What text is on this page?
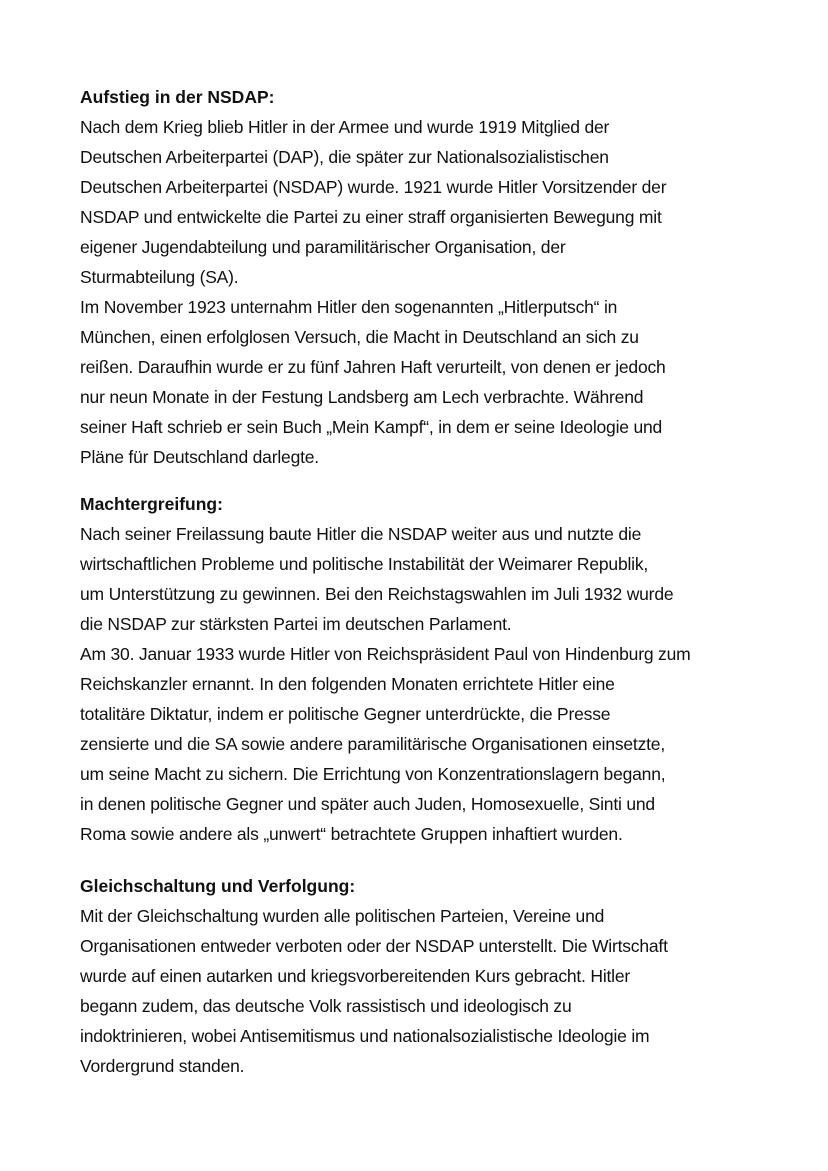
Aufstieg in der NSDAP:
Nach dem Krieg blieb Hitler in der Armee und wurde 1919 Mitglied der
Deutschen Arbeiterpartei (DAP), die später zur Nationalsozialistischen
Deutschen Arbeiterpartei (NSDAP) wurde. 1921 wurde Hitler Vorsitzender der
NSDAP und entwickelte die Partei zu einer straff organisierten Bewegung mit
eigener Jugendabteilung und paramilitärischer Organisation, der
Sturmabteilung (SA).
Im November 1923 unternahm Hitler den sogenannten „Hitlerputsch“ in
München, einen erfolglosen Versuch, die Macht in Deutschland an sich zu
reißen. Daraufhin wurde er zu fünf Jahren Haft verurteilt, von denen er jedoch
nur neun Monate in der Festung Landsberg am Lech verbrachte. Während
seiner Haft schrieb er sein Buch „Mein Kampf“, in dem er seine Ideologie und
Pläne für Deutschland darlegte.
Machtergreifung:
Nach seiner Freilassung baute Hitler die NSDAP weiter aus und nutzte die
wirtschaftlichen Probleme und politische Instabilität der Weimarer Republik,
um Unterstützung zu gewinnen. Bei den Reichstagswahlen im Juli 1932 wurde
die NSDAP zur stärksten Partei im deutschen Parlament.
Am 30. Januar 1933 wurde Hitler von Reichspräsident Paul von Hindenburg zum
Reichskanzler ernannt. In den folgenden Monaten errichtete Hitler eine
totalitäre Diktatur, indem er politische Gegner unterdrückte, die Presse
zensierte und die SA sowie andere paramilitärische Organisationen einsetzte,
um seine Macht zu sichern. Die Errichtung von Konzentrationslagern begann,
in denen politische Gegner und später auch Juden, Homosexuelle, Sinti und
Roma sowie andere als „unwert“ betrachtete Gruppen inhaftiert wurden.
Gleichschaltung und Verfolgung:
Mit der Gleichschaltung wurden alle politischen Parteien, Vereine und
Organisationen entweder verboten oder der NSDAP unterstellt. Die Wirtschaft
wurde auf einen autarken und kriegsvorbereitenden Kurs gebracht. Hitler
begann zudem, das deutsche Volk rassistisch und ideologisch zu
indoktrinieren, wobei Antisemitismus und nationalsozialistische Ideologie im
Vordergrund standen.
